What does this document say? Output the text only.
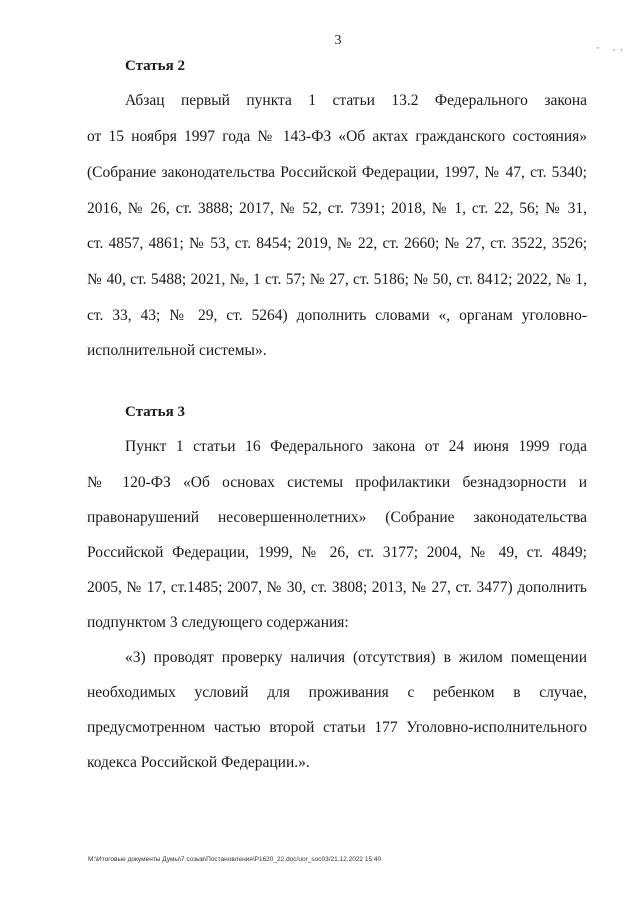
3	· · ·
Статья 2
Абзац первый пункта 1 статьи 13.2 Федерального закона
от 15 ноября 1997 года № 143-ФЗ «Об актах гражданского состояния»
(Собрание законодательства Российской Федерации, 1997, № 47, ст. 5340;
2016, № 26, ст. 3888; 2017, № 52, ст. 7391; 2018, № 1, ст. 22, 56; № 31,
ст. 4857, 4861; № 53, ст. 8454; 2019, № 22, ст. 2660; № 27, ст. 3522, 3526;
№ 40, ст. 5488; 2021, №, 1 ст. 57; № 27, ст. 5186; № 50, ст. 8412; 2022, № 1,
ст. 33, 43; № 29, ст. 5264) дополнить словами «, органам уголовно-
исполнительной системы».
Статья 3
Пункт 1 статьи 16 Федерального закона от 24 июня 1999 года
№ 120-ФЗ «Об основах системы профилактики безнадзорности и
правонарушений несовершеннолетних» (Собрание законодательства
Российской Федерации, 1999, № 26, ст. 3177; 2004, № 49, ст. 4849;
2005, № 17, ст.1485; 2007, № 30, ст. 3808; 2013, № 27, ст. 3477) дополнить
подпунктом 3 следующего содержания:
«3) проводят проверку наличия (отсутствия) в жилом помещении
необходимых условий для проживания с ребенком в случае,
предусмотренном частью второй статьи 177 Уголовно-исполнительного
кодекса Российской Федерации.».
M:\Итоговые документы Думы\7 созыв\Постановления\P1620_22.doc/uor_soc03/21.12.2022 15:40
